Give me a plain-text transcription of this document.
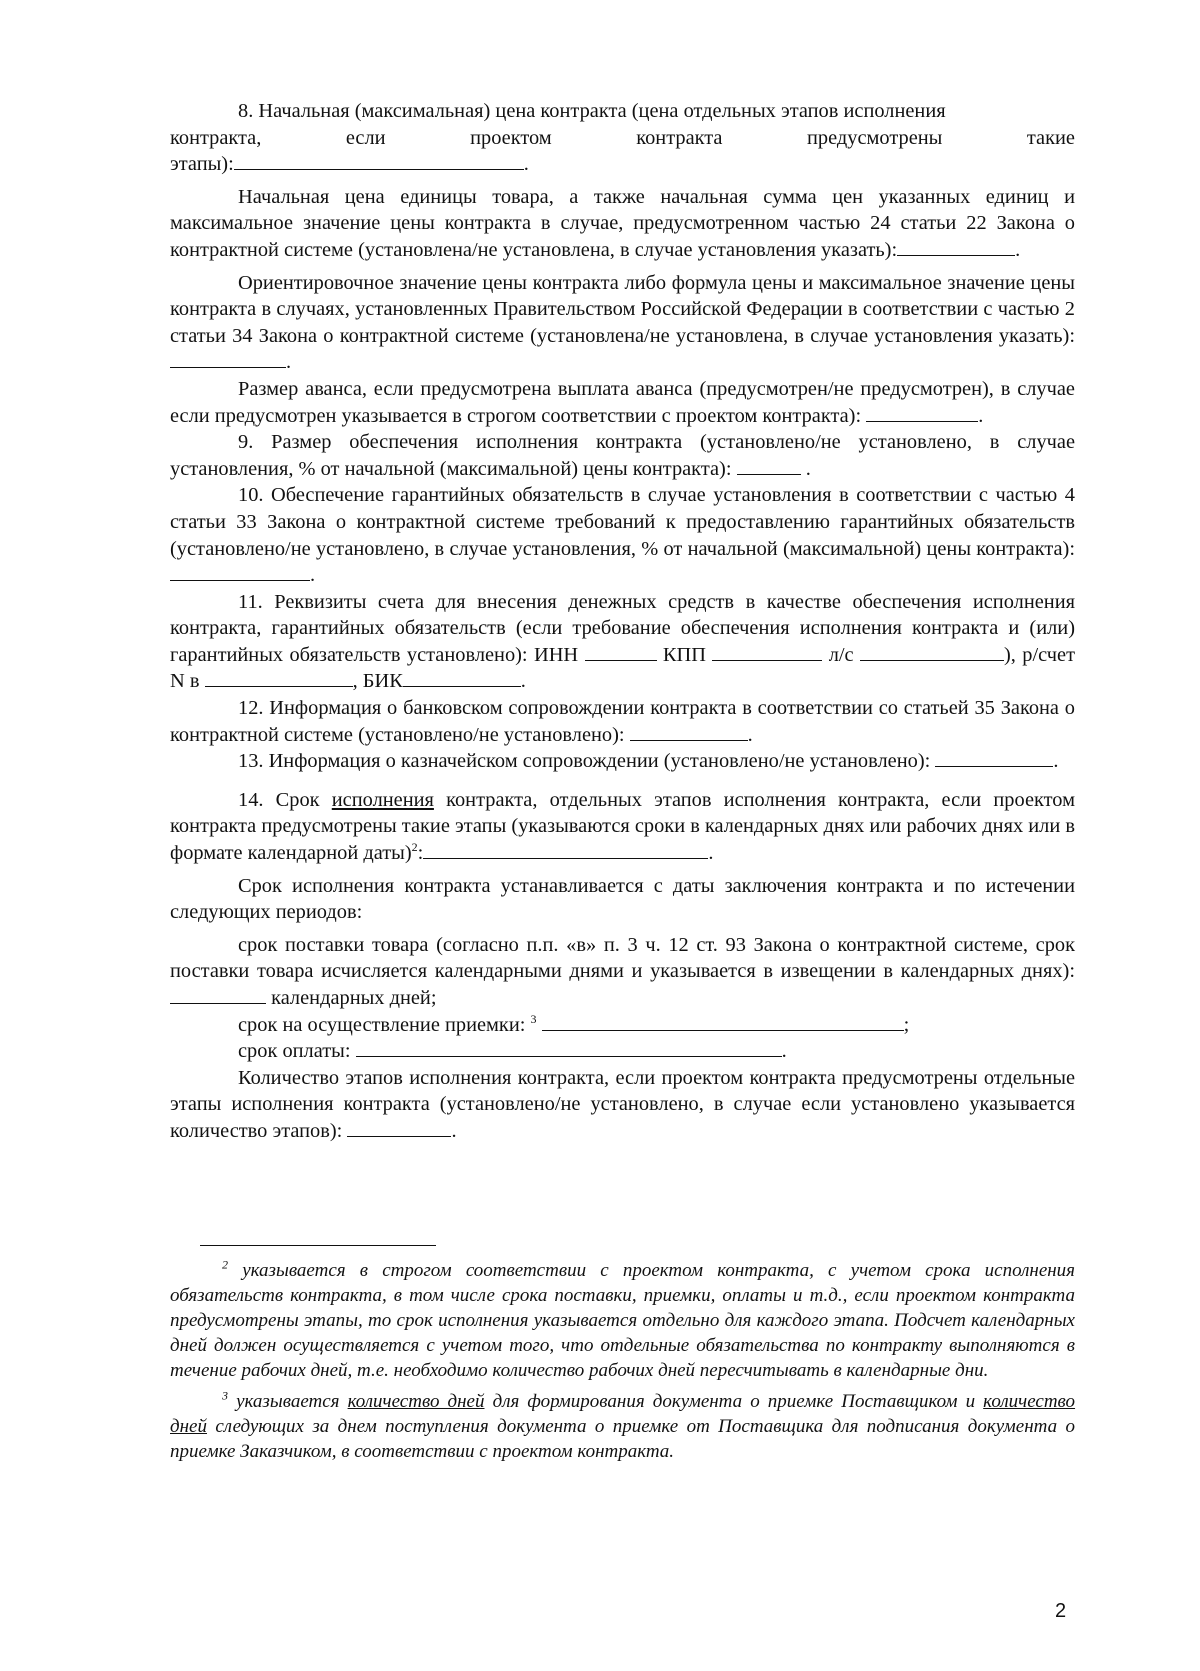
8. Начальная (максимальная) цена контракта (цена отдельных этапов исполнения

контракта,	если	проектом	контракта	предусмотрены	такие

этапы):	.

Начальная цена единицы товара, а также начальная сумма цен указанных единиц и максимальное значение цены контракта в случае, предусмотренном частью 24 статьи 22 Закона о контрактной системе (установлена/не установлена, в случае установления указать):	.

Ориентировочное значение цены контракта либо формула цены и максимальное значение цены контракта в случаях, установленных Правительством Российской Федерации в соответствии с частью 2 статьи 34 Закона о контрактной системе (установлена/не установлена, в случае установления указать):.

Размер аванса, если предусмотрена выплата аванса (предусмотрен/не предусмотрен), в случае если предусмотрен указывается в строгом соответствии с проектом контракта):	.

9. Размер обеспечения исполнения контракта (установлено/не установлено, в случае установления, % от начальной (максимальной) цены контракта):	.

10. Обеспечение гарантийных обязательств в случае установления в соответствии с частью 4 статьи 33 Закона о контрактной системе требований к предоставлению гарантийных обязательств (установлено/не установлено, в случае установления, % от начальной (максимальной) цены контракта):.

11. Реквизиты счета для внесения денежных средств в качестве обеспечения исполнения контракта, гарантийных обязательств (если требование обеспечения исполнения контракта и (или) гарантийных обязательств установлено): ИНН	КПП	л/с	), р/счет N в	, БИК	.

12. Информация о банковском сопровождении контракта в соответствии со статьей 35 Закона о контрактной системе (установлено/не установлено):	.

13. Информация о казначейском сопровождении (установлено/не установлено):	.

14. Срок исполнения контракта, отдельных этапов исполнения контракта, если проектом контракта предусмотрены такие этапы (указываются сроки в календарных днях или рабочих днях или в формате календарной даты)$^2$:	.

Срок исполнения контракта устанавливается с даты заключения контракта и по истечении следующих периодов:

срок поставки товара (согласно п.п. «в» п. 3 ч. 12 ст. 93 Закона о контрактной системе, срок поставки товара исчисляется календарными днями и указывается в извещении в календарных днях):  календарных дней;

срок на осуществление приемки: $^3$	;

срок оплаты:	.

Количество этапов исполнения контракта, если проектом контракта предусмотрены отдельные этапы исполнения контракта (установлено/не установлено, в случае если установлено указывается количество этапов):	.

$^2$ указывается в строгом соответствии с проектом контракта, с учетом срока исполнения обязательств контракта, в том числе срока поставки, приемки, оплаты и т.д., если проектом контракта предусмотрены этапы, то срок исполнения указывается отдельно для каждого этапа. Подсчет календарных дней должен осуществляется с учетом того, что отдельные обязательства по контракту выполняются в течение рабочих дней, т.е. необходимо количество рабочих дней пересчитывать в календарные дни.

$^3$ указывается количество дней для формирования документа о приемке Поставщиком и количество дней следующих за днем поступления документа о приемке от Поставщика для подписания документа о приемке Заказчиком, в соответствии с проектом контракта.

2
